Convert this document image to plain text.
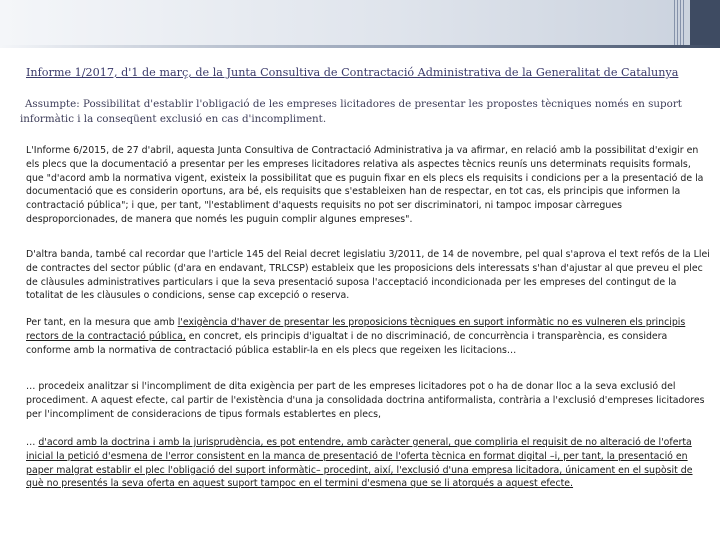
Informe 1/2017, d'1 de març, de la Junta Consultiva de Contractació Administrativa de la Generalitat de Catalunya

Assumpte: Possibilitat d'establir l'obligació de les empreses licitadores de presentar les propostes tècniques només en suport informàtic i la conseqüent exclusió en cas d'incompliment.

L'Informe 6/2015, de 27 d'abril, aquesta Junta Consultiva de Contractació Administrativa ja va afirmar, en relació amb la possibilitat d'exigir en els plecs que la documentació a presentar per les empreses licitadores relativa als aspectes tècnics reunís uns determinats requisits formals, que "d'acord amb la normativa vigent, existeix la possibilitat que es puguin fixar en els plecs els requisits i condicions per a la presentació de la documentació que es considerin oportuns, ara bé, els requisits que s'estableixen han de respectar, en tot cas, els principis que informen la contractació pública"; i que, per tant, "l'establiment d'aquests requisits no pot ser discriminatori, ni tampoc imposar càrregues desproporcionades, de manera que només les puguin complir algunes empreses".

D'altra banda, també cal recordar que l'article 145 del Reial decret legislatiu 3/2011, de 14 de novembre, pel qual s'aprova el text refós de la Llei de contractes del sector públic (d'ara en endavant, TRLCSP) estableix que les proposicions dels interessats s'han d'ajustar al que preveu el plec de clàusules administratives particulars i que la seva presentació suposa l'acceptació incondicionada per les empreses del contingut de la totalitat de les clàusules o condicions, sense cap excepció o reserva.

Per tant, en la mesura que amb l'exigència d'haver de presentar les proposicions tècniques en suport informàtic no es vulneren els principis rectors de la contractació pública, en concret, els principis d'igualtat i de no discriminació, de concurrència i transparència, es considera conforme amb la normativa de contractació pública establir-la en els plecs que regeixen les licitacions…

… procedeix analitzar si l'incompliment de dita exigència per part de les empreses licitadores pot o ha de donar lloc a la seva exclusió del procediment. A aquest efecte, cal partir de l'existència d'una ja consolidada doctrina antiformalista, contrària a l'exclusió d'empreses licitadores per l'incompliment de consideracions de tipus formals establertes en plecs,

… d'acord amb la doctrina i amb la jurisprudència, es pot entendre, amb caràcter general, que compliria el requisit de no alteració de l'oferta inicial la petició d'esmena de l'error consistent en la manca de presentació de l'oferta tècnica en format digital –i, per tant, la presentació en paper malgrat establir el plec l'obligació del suport informàtic– procedint, així, l'exclusió d'una empresa licitadora, únicament en el supòsit de què no presentés la seva oferta en aquest suport tampoc en el termini d'esmena que se li atorgués a aquest efecte.
